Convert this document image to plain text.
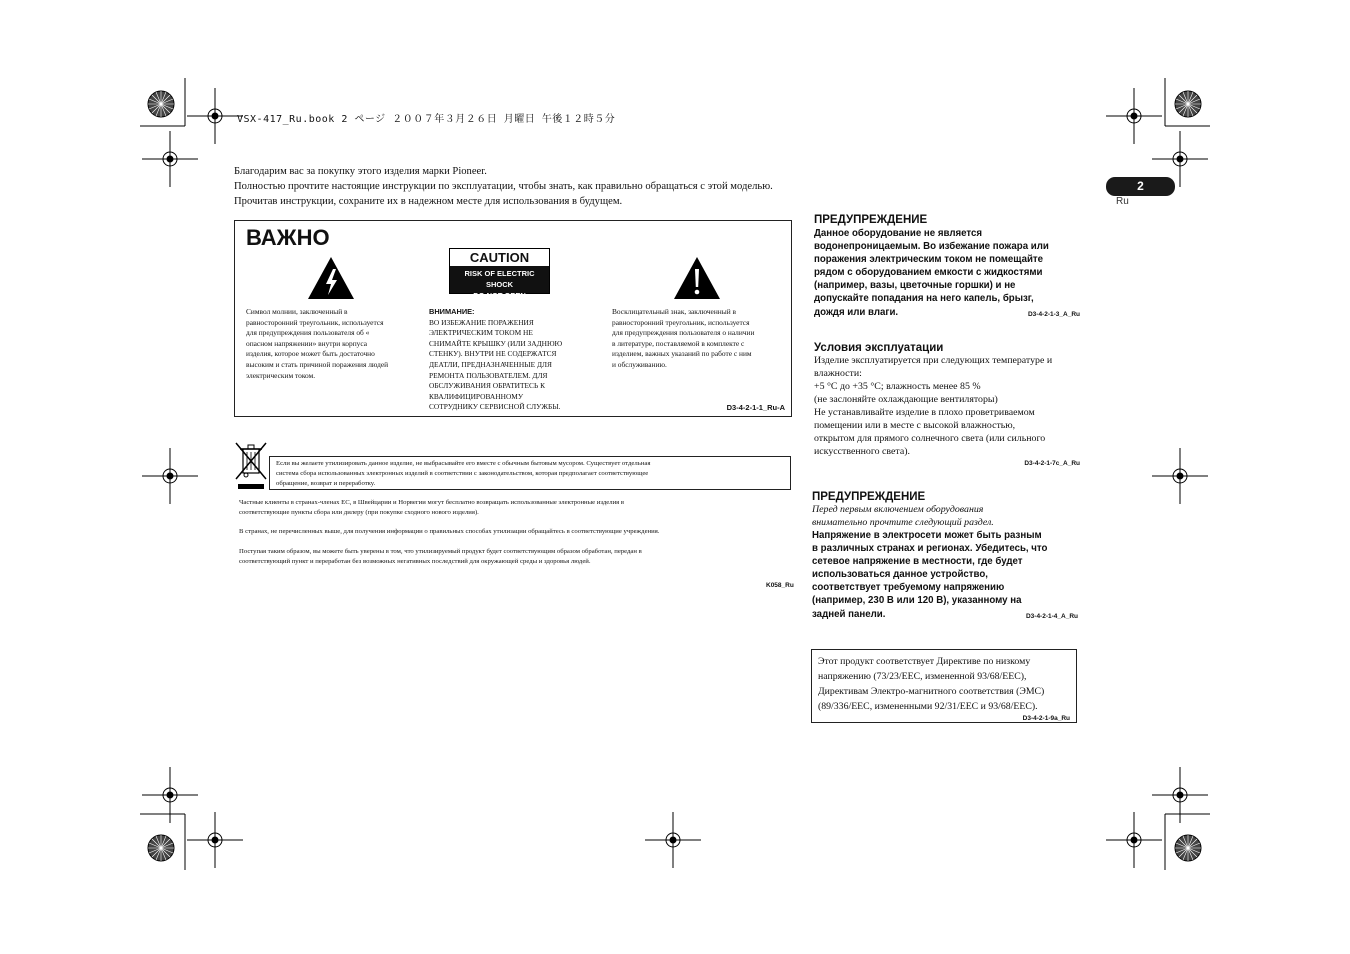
VSX-417_Ru.book 2 ページ ２００７年３月２６日 月曜日 午後１２時５分
2
Ru
Благодарим вас за покупку этого изделия марки Pioneer.
Полностью прочтите настоящие инструкции по эксплуатации, чтобы знать, как правильно обращаться с этой моделью.
Прочитав инструкции, сохраните их в надежном месте для использования в будущем.
ВАЖНО
CAUTION
RISK OF ELECTRIC SHOCK
DO NOT OPEN
Символ молнии, заключенный в
равносторонний треугольник, используется
для предупреждения пользователя об «
опасном напряжении» внутри корпуса
изделия, которое может быть достаточно
высоким и стать причиной поражения людей
электрическим током.
ВНИМАНИЕ:
ВО ИЗБЕЖАНИЕ ПОРАЖЕНИЯ
ЭЛЕКТРИЧЕСКИМ ТОКОМ НЕ
СНИМАЙТЕ КРЫШКУ (ИЛИ ЗАДНЮЮ
СТЕНКУ). ВНУТРИ НЕ СОДЕРЖАТСЯ
ДЕАТЛИ, ПРЕДНАЗНАЧЕННЫЕ ДЛЯ
РЕМОНТА ПОЛЬЗОВАТЕЛЕМ. ДЛЯ
ОБСЛУЖИВАНИЯ ОБРАТИТЕСЬ К
КВАЛИФИЦИРОВАННОМУ
СОТРУДНИКУ СЕРВИСНОЙ СЛУЖБЫ.
Восклицательный знак, заключенный в
равносторонний треугольник, используется
для предупреждения пользователя о наличии
в литературе, поставляемой в комплекте с
изделием, важных указаний по работе с ним
и обслуживанию.
D3-4-2-1-1_Ru-A
Если вы желаете утилизировать данное изделие, не выбрасывайте его вместе с обычным бытовым мусором. Существует отдельная
система сбора использованных электронных изделий в соответствии с законодательством, которая предполагает соответствующее
обращение, возврат и переработку.
Частные клиенты в странах-членах ЕС, в Швейцарии и Норвегии могут бесплатно возвращать использованные электронные изделия в
соответствующие пункты сбора или дилеру (при покупке сходного нового изделия).
В странах, не перечисленных выше, для получения информации о правильных способах утилизации обращайтесь в соответствующие учреждения.
Поступая таким образом, вы можете быть уверены в том, что утилизируемый продукт будет соответствующим образом обработан, передан в
соответствующий пункт и переработан без возможных негативных последствий для окружающей среды и здоровья людей.
K058_Ru
ПРЕДУПРЕЖДЕНИЕ
Данное оборудование не является
водонепроницаемым. Во избежание пожара или
поражения электрическим током не помещайте
рядом с оборудованием емкости с жидкостями
(например, вазы, цветочные горшки) и не
допускайте попадания на него капель, брызг,
дождя или влаги.	D3-4-2-1-3_A_Ru
Условия эксплуатации
Изделие эксплуатируется при следующих температуре и
влажности:
+5 °C до +35 °C; влажность менее 85 %
(не заслоняйте охлаждающие вентиляторы)
Не устанавливайте изделие в плохо проветриваемом
помещении или в месте с высокой влажностью,
открытом для прямого солнечного света (или сильного
искусственного света).
D3-4-2-1-7c_A_Ru
ПРЕДУПРЕЖДЕНИЕ
Перед первым включением оборудования
внимательно прочтите следующий раздел.
Напряжение в электросети может быть разным
в различных странах и регионах. Убедитесь, что
сетевое напряжение в местности, где будет
использоваться данное устройство,
соответствует требуемому напряжению
(например, 230 В или 120 В), указанному на
задней панели.	D3-4-2-1-4_A_Ru
Этот продукт соответствует Директиве по низкому
напряжению (73/23/EEC, измененной 93/68/EEC),
Директивам Электро-магнитного соответствия (ЭМС)
(89/336/EEC, измененными 92/31/EEC и 93/68/EEC).
D3-4-2-1-9a_Ru
